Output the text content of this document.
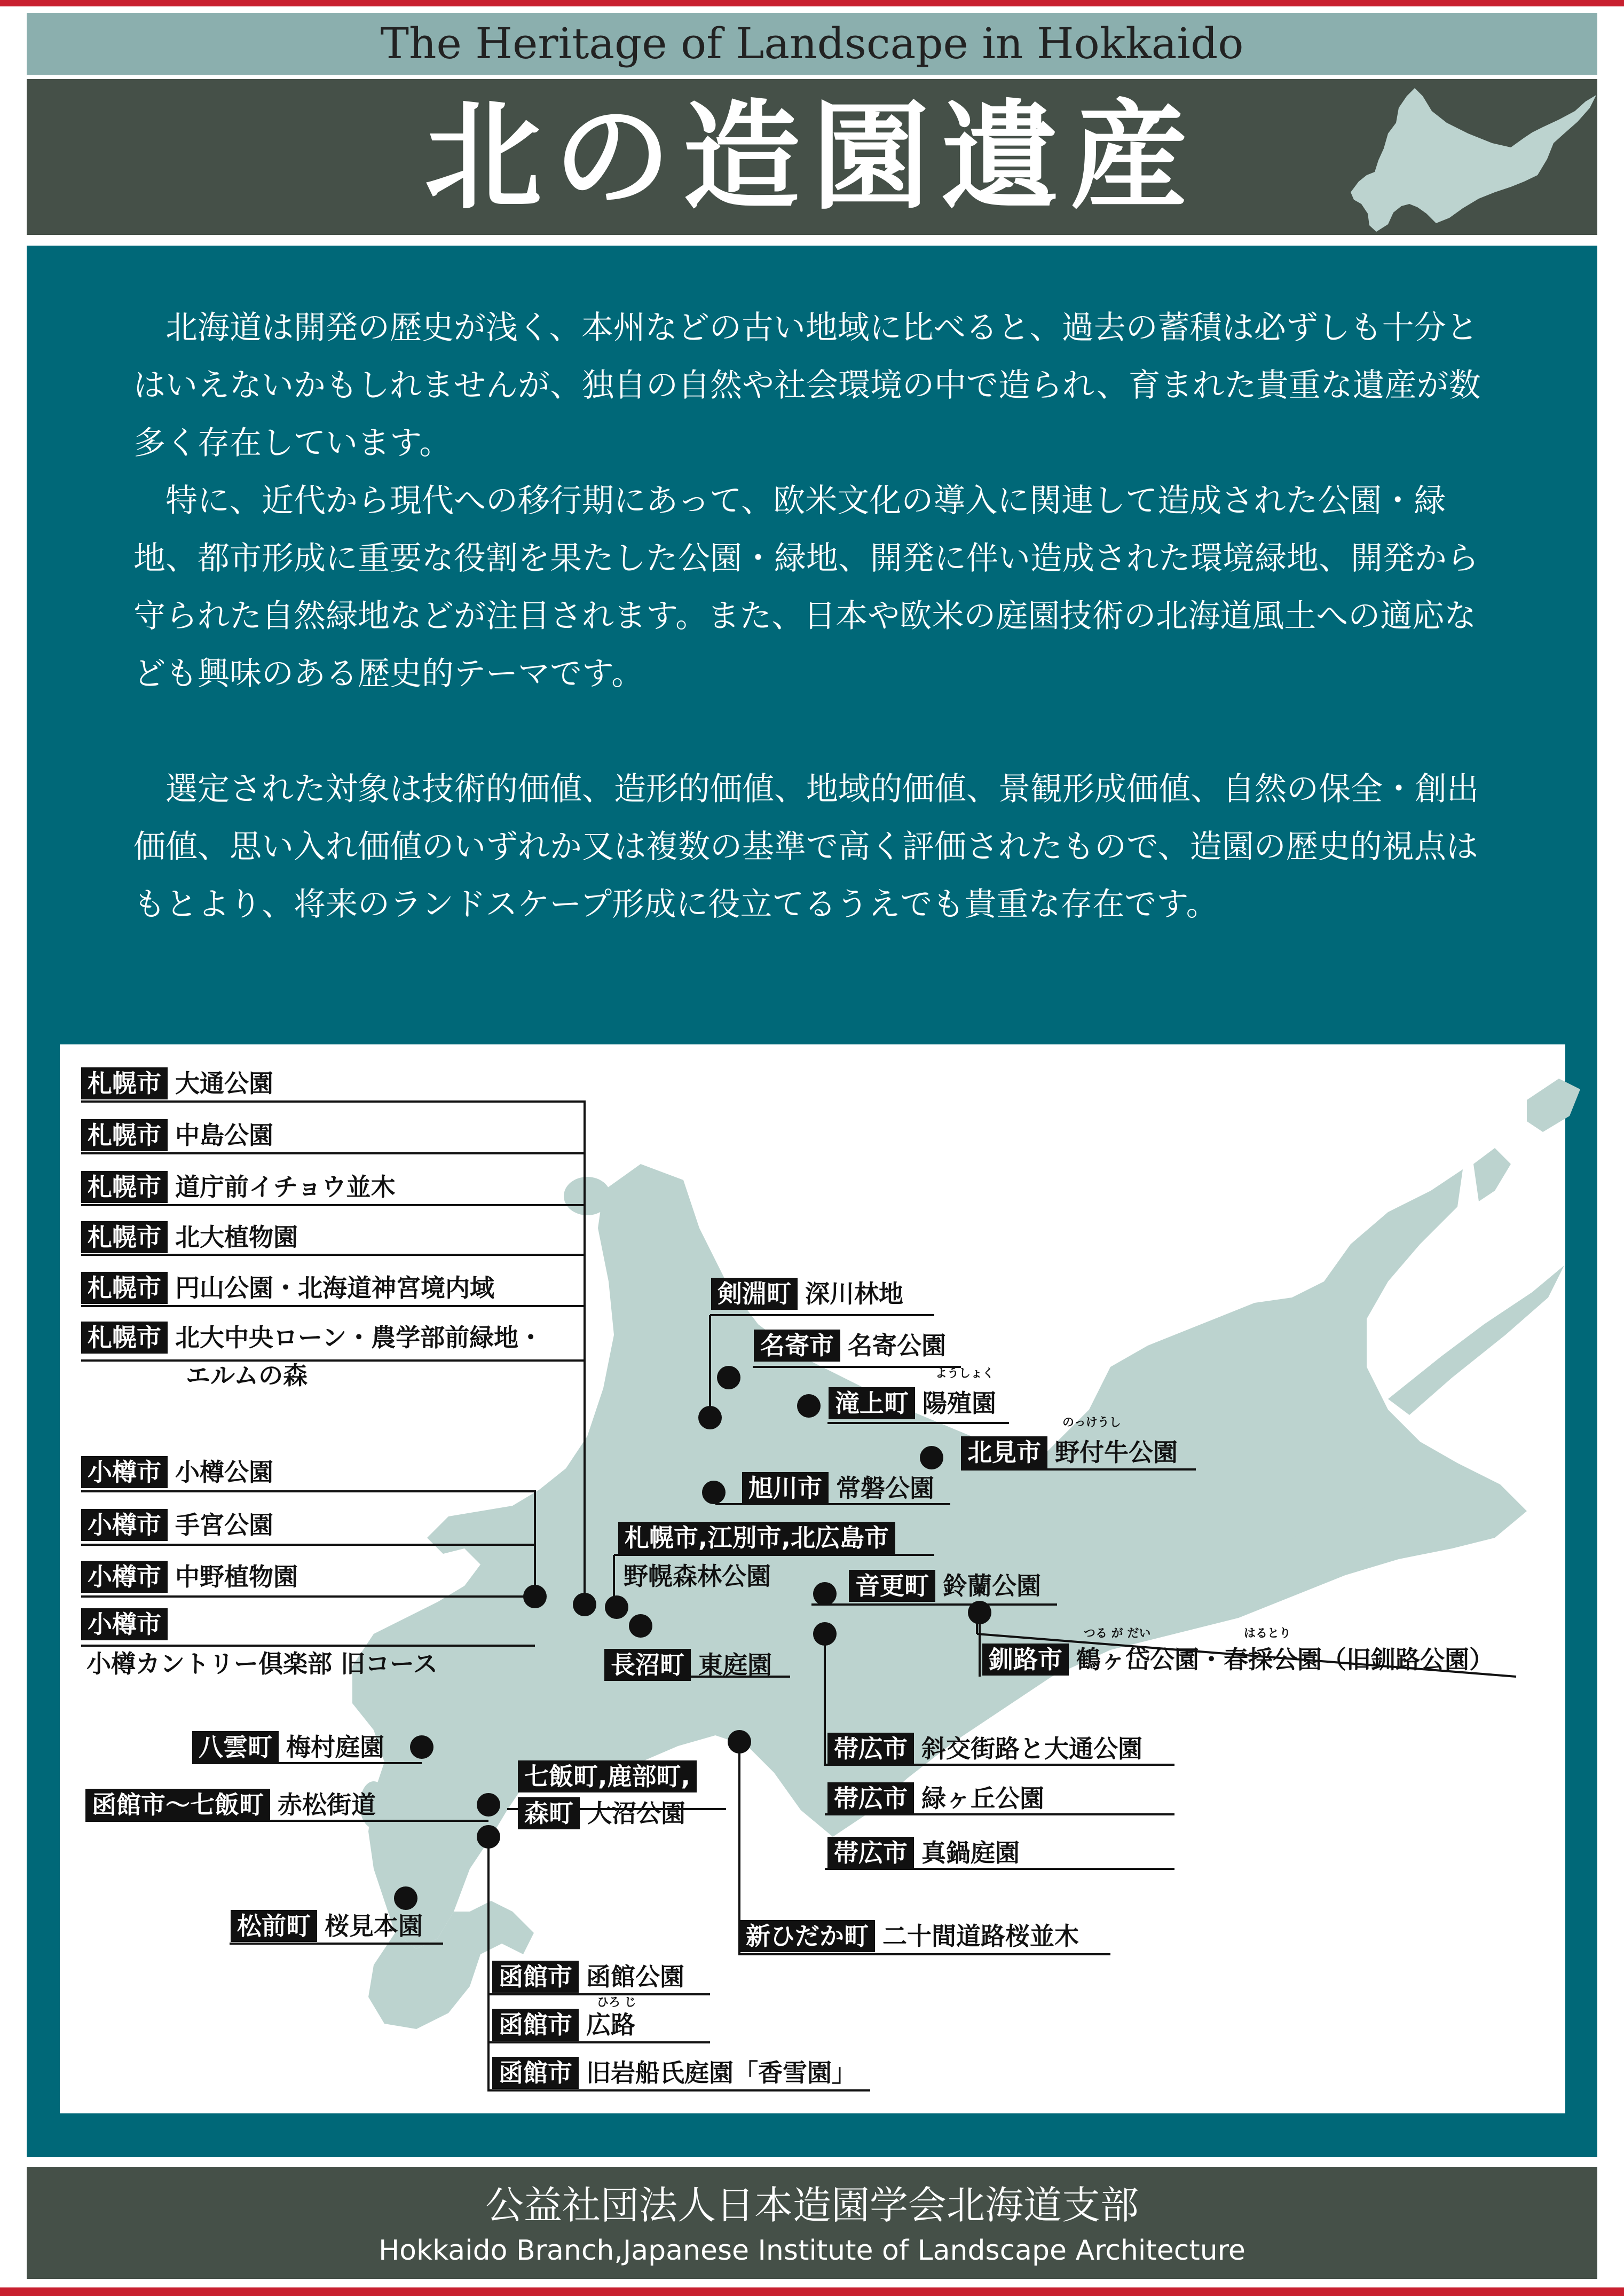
The Heritage of Landscape in Hokkaido
北の造園遺産

北海道は開発の歴史が浅く、本州などの古い地域に比べると、過去の蓄積は必ずしも十分とはいえないかもしれませんが、独自の自然や社会環境の中で造られ、育まれた貴重な遺産が数多く存在しています。

特に、近代から現代への移行期にあって、欧米文化の導入に関連して造成された公園・緑地、都市形成に重要な役割を果たした公園・緑地、開発に伴い造成された環境緑地、開発から守られた自然緑地などが注目されます。また、日本や欧米の庭園技術の北海道風土への適応なども興味のある歴史的テーマです。

選定された対象は技術的価値、造形的価値、地域的価値、景観形成価値、自然の保全・創出価値、思い入れ価値のいずれか又は複数の基準で高く評価されたもので、造園の歴史的視点はもとより、将来のランドスケープ形成に役立てるうえでも貴重な存在です。

札幌市 大通公園
札幌市 中島公園
札幌市 道庁前イチョウ並木
札幌市 北大植物園
札幌市 円山公園・北海道神宮境内域
札幌市 北大中央ローン・農学部前緑地・
エルムの森
小樽市 小樽公園
小樽市 手宮公園
小樽市 中野植物園
小樽市
小樽カントリー倶楽部 旧コース
剣淵町 深川林地
名寄市 名寄公園
ようしょく
滝上町 陽殖園
のっけうし
北見市 野付牛公園
旭川市 常磐公園
札幌市,江別市,北広島市
野幌森林公園	音更町 鈴蘭公園
つる が だい	はるとり
釧路市 鶴ヶ岱公園・春採公園（旧釧路公園）
長沼町 東庭園
八雲町 梅村庭園
函館市〜七飯町 赤松街道
七飯町,鹿部町,
森町 大沼公園
帯広市 斜交街路と大通公園
帯広市 緑ヶ丘公園
帯広市 真鍋庭園
松前町 桜見本園	新ひだか町 二十間道路桜並木
函館市 函館公園
ひろ じ
函館市 広路
函館市 旧岩船氏庭園「香雪園」
公益社団法人日本造園学会北海道支部
Hokkaido Branch,Japanese Institute of Landscape Architecture
